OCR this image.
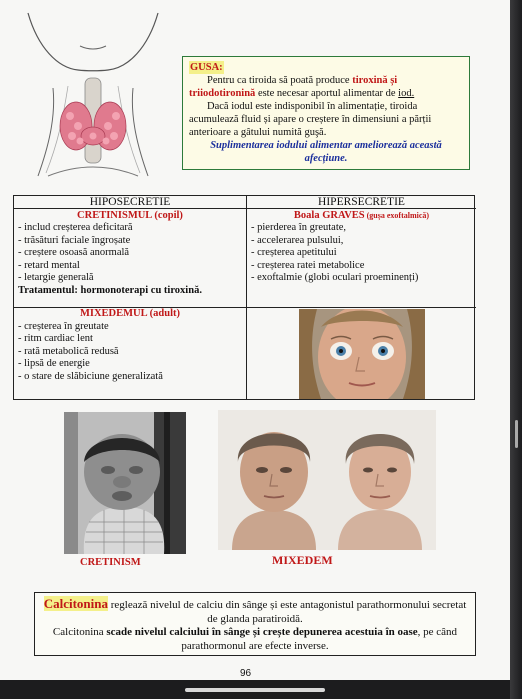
GUSA:

Pentru ca tiroida să poată produce tiroxină și triiodotironină este necesar aportul alimentar de iod.

Dacă iodul este indisponibil în alimentație, tiroida acumulează fluid și apare o creștere în dimensiuni a părții anterioare a gâtului numită guşă.

Suplimentarea iodului alimentar ameliorează această afecțiune.

HIPOSECRETIE
CRETINISMUL (copil)
- includ creșterea deficitară
- trăsături faciale îngroșate
- creștere osoasă anormală
- retard mental
- letargie generală
Tratamentul: hormonoterapi cu tiroxină.
MIXEDEMUL (adult)
- creșterea în greutate
- ritm cardiac lent
- rată metabolică redusă
- lipsă de energie
- o stare de slăbiciune generalizată
HIPERSECRETIE
Boala GRAVES (gușa exoftalmică)
- pierderea în greutate,
- accelerarea pulsului,
- creșterea apetitului
- creșterea ratei metabolice
- exoftalmie (globi oculari proeminenți)
CRETINISM	MIXEDEM
Calcitonina reglează nivelul de calciu din sânge și este antagonistul parathormonului secretat de glanda paratiroidă.
Calcitonina scade nivelul calciului în sânge și crește depunerea acestuia în oase, pe când parathormonul are efecte inverse.
96
